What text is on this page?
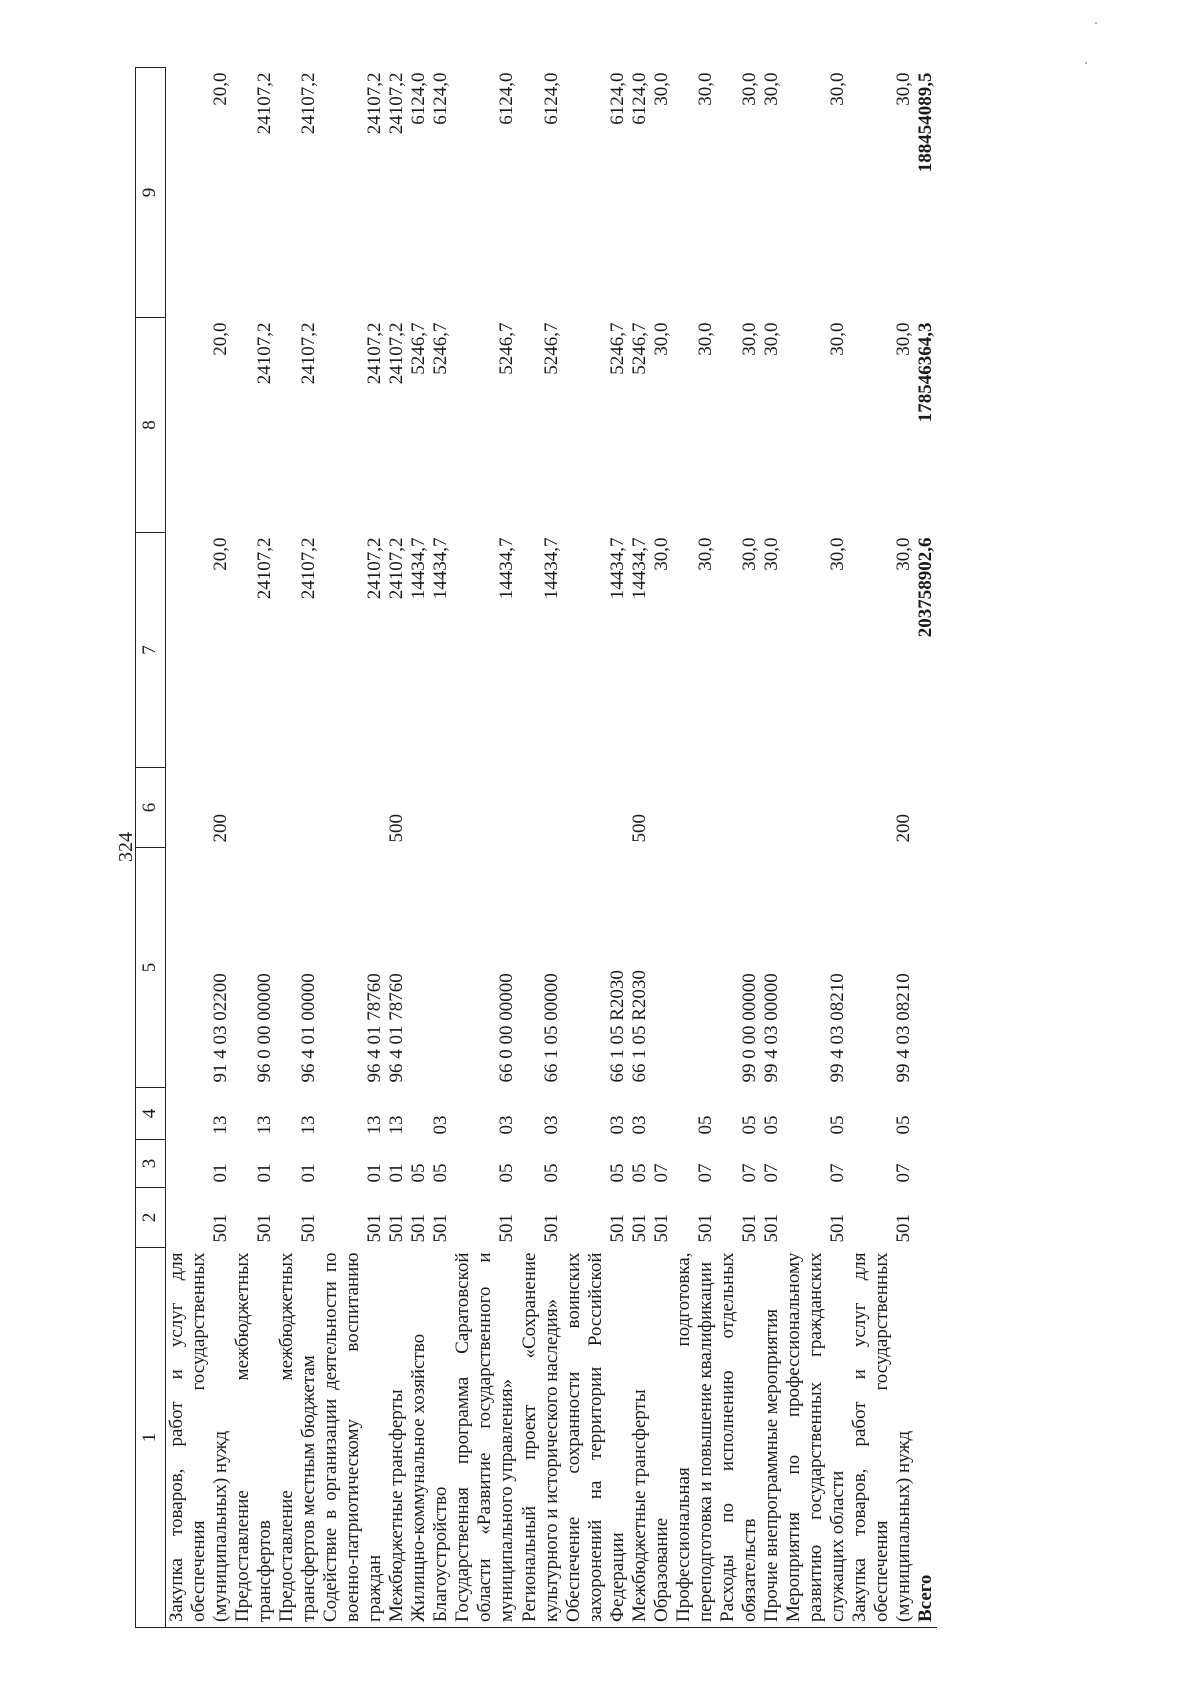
324
1	2	3	4	5	6	7	8	9
Закупка товаров, работ и услуг для обеспечения государственных (муниципальных) нужд	501	01	13	91 4 03 02200	200	20,0	20,0	20,0
Предоставление межбюджетных трансфертов	501	01	13	96 0 00 00000		24107,2	24107,2	24107,2
Предоставление межбюджетных трансфертов местным бюджетам	501	01	13	96 4 01 00000		24107,2	24107,2	24107,2
Содействие в организации деятельности по военно-патриотическому воспитанию граждан	501	01	13	96 4 01 78760		24107,2	24107,2	24107,2
Межбюджетные трансферты	501	01	13	96 4 01 78760	500	24107,2	24107,2	24107,2
Жилищно-коммунальное хозяйство	501	05				14434,7	5246,7	6124,0
Благоустройство	501	05	03			14434,7	5246,7	6124,0
Государственная программа Саратовской области «Развитие государственного и муниципального управления»	501	05	03	66 0 00 00000		14434,7	5246,7	6124,0
Региональный проект «Сохранение культурного и исторического наследия»	501	05	03	66 1 05 00000		14434,7	5246,7	6124,0
Обеспечение сохранности воинских захоронений на территории Российской Федерации	501	05	03	66 1 05 R2030		14434,7	5246,7	6124,0
Межбюджетные трансферты	501	05	03	66 1 05 R2030	500	14434,7	5246,7	6124,0
Образование	501	07				30,0	30,0	30,0
Профессиональная подготовка, переподготовка и повышение квалификации	501	07	05			30,0	30,0	30,0
Расходы по исполнению отдельных обязательств	501	07	05	99 0 00 00000		30,0	30,0	30,0
Прочие внепрограммные мероприятия	501	07	05	99 4 03 00000		30,0	30,0	30,0
Мероприятия по профессиональному развитию государственных гражданских служащих области	501	07	05	99 4 03 08210		30,0	30,0	30,0
Закупка товаров, работ и услуг для обеспечения государственных (муниципальных) нужд	501	07	05	99 4 03 08210	200	30,0	30,0	30,0
Всего						203758902,6	178546364,3	188454089,5
